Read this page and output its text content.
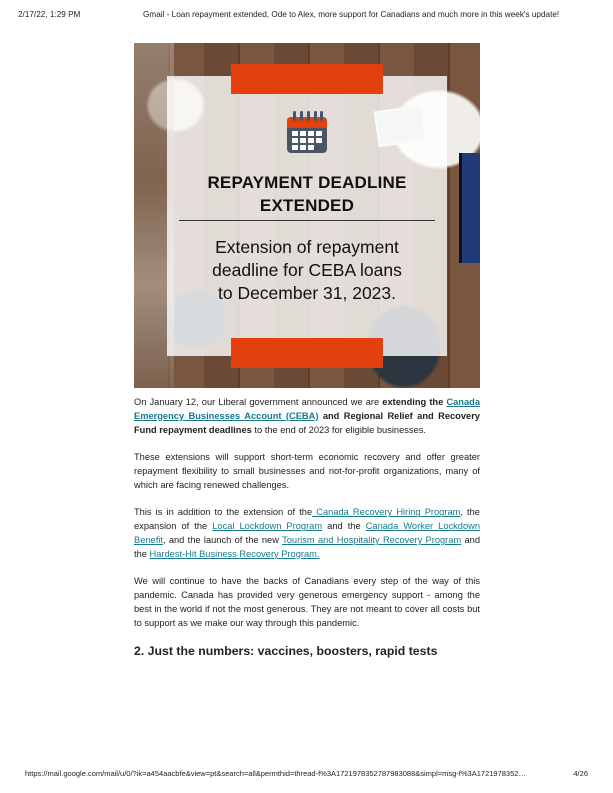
2/17/22, 1:29 PM	Gmail - Loan repayment extended, Ode to Alex, more support for Canadians and much more in this week's update!
REPAYMENT DEADLINE
EXTENDED
Extension of repayment
deadline for CEBA loans
to December 31, 2023.

On January 12, our Liberal government announced we are extending the Canada Emergency Businesses Account (CEBA) and Regional Relief and Recovery Fund repayment deadlines to the end of 2023 for eligible businesses.

These extensions will support short-term economic recovery and offer greater repayment flexibility to small businesses and not-for-profit organizations, many of which are facing renewed challenges.

This is in addition to the extension of the Canada Recovery Hiring Program, the expansion of the Local Lockdown Program and the Canada Worker Lockdown Benefit, and the launch of the new Tourism and Hospitality Recovery Program and the Hardest-Hit Business Recovery Program.

We will continue to have the backs of Canadians every step of the way of this pandemic. Canada has provided very generous emergency support - among the best in the world if not the most generous. They are not meant to cover all costs but to support as we make our way through this pandemic.

2. Just the numbers: vaccines, boosters, rapid tests
https://mail.google.com/mail/u/0/?ik=a454aacbfe&view=pt&search=all&permthid=thread-f%3A1721978352787983088&simpl=msg-f%3A1721978352…	4/26
